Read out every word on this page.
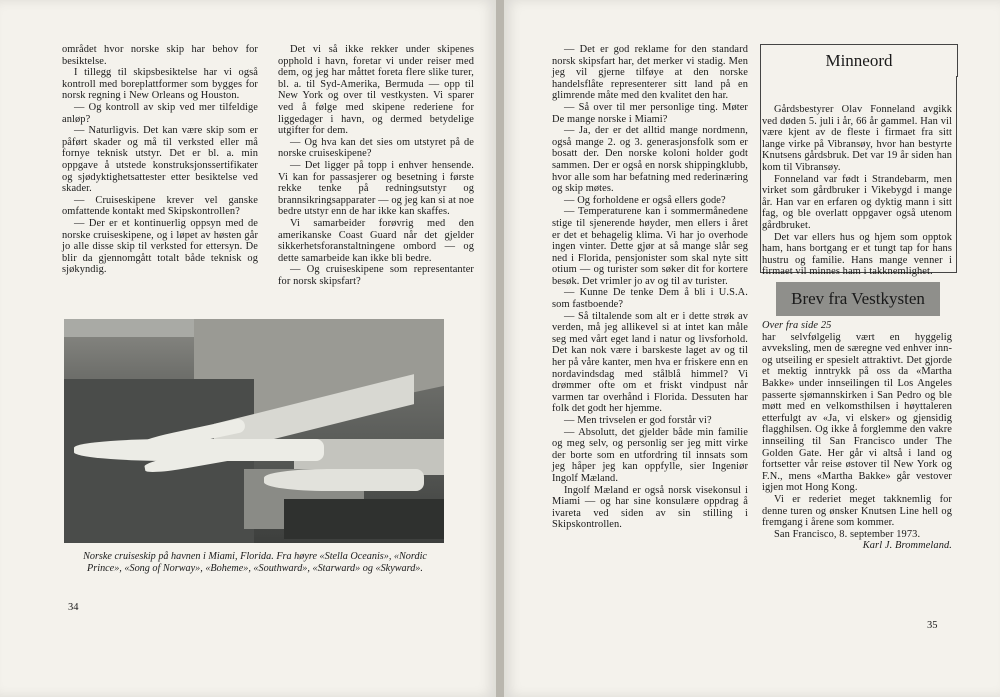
området hvor norske skip har behov for besiktelse.

I tillegg til skipsbesiktelse har vi også kontroll med boreplattformer som bygges for norsk regning i New Orleans og Houston.

— Og kontroll av skip ved mer tilfeldige anløp?

— Naturligvis. Det kan være skip som er påført skader og må til verksted eller må fornye teknisk utstyr. Det er bl. a. min oppgave å utstede konstruksjonssertifikater og sjødyktighetsattester etter besiktelse ved skader.

— Cruiseskipene krever vel ganske omfattende kontakt med Skipskontrollen?

— Der er et kontinuerlig oppsyn med de norske cruiseskipene, og i løpet av høsten går jo alle disse skip til verksted for ettersyn. De blir da gjennomgått totalt både teknisk og sjøkyndig.

Det vi så ikke rekker under skipenes opphold i havn, foretar vi under reiser med dem, og jeg har måttet foreta flere slike turer, bl. a. til Syd-Amerika, Bermuda — opp til New York og over til vestkysten. Vi sparer ved å følge med skipene rederiene for liggedager i havn, og dermed betydelige utgifter for dem.

— Og hva kan det sies om utstyret på de norske cruiseskipene?

— Det ligger på topp i enhver hensende. Vi kan for passasjerer og besetning i første rekke tenke på redningsutstyr og brannsikringsapparater — og jeg kan si at noe bedre utstyr enn de har ikke kan skaffes.

Vi samarbeider forøvrig med den amerikanske Coast Guard når det gjelder sikkerhetsforanstaltningene ombord — og dette samarbeide kan ikke bli bedre.

— Og cruiseskipene som representanter for norsk skipsfart?

Norske cruiseskip på havnen i Miami, Florida. Fra høyre «Stella Oceanis», «Nordic Prince», «Song of Norway», «Boheme», «Southward», «Starward» og «Skyward».
34

— Det er god reklame for den standard norsk skipsfart har, det merker vi stadig. Men jeg vil gjerne tilføye at den norske handelsflåte representerer sitt land på en glimrende måte med den kvalitet den har.

— Så over til mer personlige ting. Møter De mange norske i Miami?

— Ja, der er det alltid mange nordmenn, også mange 2. og 3. generasjonsfolk som er bosatt der. Den norske koloni holder godt sammen. Der er også en norsk shippingklubb, hvor alle som har befatning med rederinæring og skip møtes.

— Og forholdene er også ellers gode?

— Temperaturene kan i sommermånedene stige til sjenerende høyder, men ellers i året er det et behagelig klima. Vi har jo overhode ingen vinter. Dette gjør at så mange slår seg ned i Florida, pensjonister som skal nyte sitt otium — og turister som søker dit for kortere besøk. Det vrimler jo av og til av turister.

— Kunne De tenke Dem å bli i U.S.A. som fastboende?

— Så tiltalende som alt er i dette strøk av verden, må jeg allikevel si at intet kan måle seg med vårt eget land i natur og livsforhold. Det kan nok være i barskeste laget av og til her på våre kanter, men hva er friskere enn en nordavindsdag med stålblå himmel? Vi drømmer ofte om et friskt vindpust når varmen tar overhånd i Florida. Dessuten har folk det godt her hjemme.

— Men trivselen er god forstår vi?

— Absolutt, det gjelder både min familie og meg selv, og personlig ser jeg mitt virke der borte som en utfordring til innsats som jeg håper jeg kan oppfylle, sier Ingeniør Ingolf Mæland.

Ingolf Mæland er også norsk visekonsul i Miami — og har sine konsulære oppdrag å ivareta ved siden av sin stilling i Skipskontrollen.

Minneord

Gårdsbestyrer Olav Fonneland avgikk ved døden 5. juli i år, 66 år gammel. Han vil være kjent av de fleste i firmaet fra sitt lange virke på Vibransøy, hvor han bestyrte Knutsens gårdsbruk. Det var 19 år siden han kom til Vibransøy.

Fonneland var født i Strandebarm, men virket som gårdbruker i Vikebygd i mange år. Han var en erfaren og dyktig mann i sitt fag, og ble overlatt oppgaver også utenom gårdbruket.

Det var ellers hus og hjem som opptok ham, hans bortgang er et tungt tap for hans hustru og familie. Hans mange venner i firmaet vil minnes ham i takknemlighet.

Brev fra Vestkysten

Over fra side 25

har selvfølgelig vært en hyggelig avveksling, men de særegne ved enhver inn- og utseiling er spesielt attraktivt. Det gjorde et mektig inntrykk på oss da «Martha Bakke» under innseilingen til Los Angeles passerte sjømannskirken i San Pedro og ble møtt med en velkomsthilsen i høyttaleren etterfulgt av «Ja, vi elsker» og gjensidig flagghilsen. Og ikke å forglemme den vakre innseiling til San Francisco under The Golden Gate. Her går vi altså i land og fortsetter vår reise østover til New York og F.N., mens «Martha Bakke» går vestover igjen mot Hong Kong.

Vi er rederiet meget takknemlig for denne turen og ønsker Knutsen Line hell og fremgang i årene som kommer.

San Francisco, 8. september 1973.

Karl J. Brommeland.

35
